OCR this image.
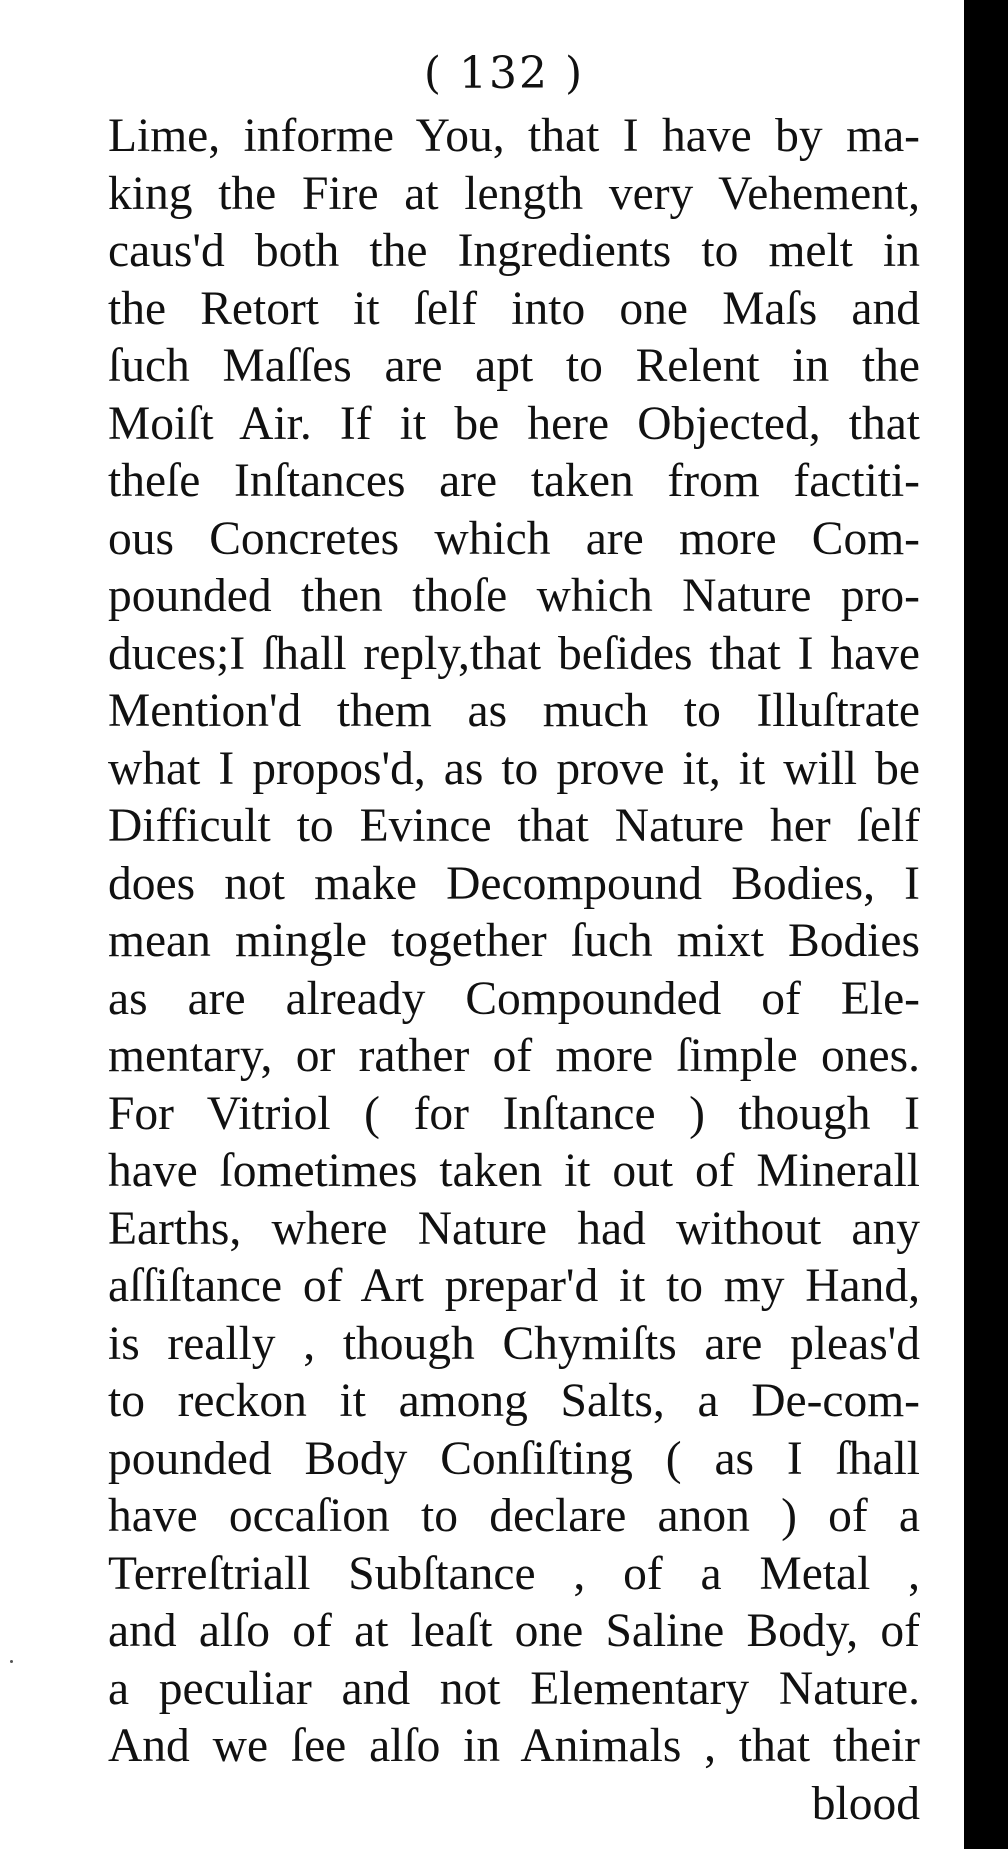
( 132 )
Lime, informe You, that I have by ma-
king the Fire at length very Vehement,
caus'd both the Ingredients to melt in
the Retort it ſelf into one Maſs and
ſuch Maſſes are apt to Relent in the
Moiſt Air. If it be here Objected, that
theſe Inſtances are taken from factiti-
ous Concretes which are more Com-
pounded then thoſe which Nature pro-
duces;I ſhall reply,that beſides that I have
Mention'd them as much to Illuſtrate
what I propos'd, as to prove it, it will be
Difficult to Evince that Nature her ſelf
does not make Decompound Bodies, I
mean mingle together ſuch mixt Bodies
as are already Compounded of Ele-
mentary, or rather of more ſimple ones.
For Vitriol ( for Inſtance ) though I
have ſometimes taken it out of Minerall
Earths, where Nature had without any
aſſiſtance of Art prepar'd it to my Hand,
is really , though Chymiſts are pleas'd
to reckon it among Salts, a De-com-
pounded Body Conſiſting ( as I ſhall
have occaſion to declare anon ) of a
Terreſtriall Subſtance , of a Metal ,
and alſo of at leaſt one Saline Body, of
a peculiar and not Elementary Nature.
And we ſee alſo in Animals , that their
blood
